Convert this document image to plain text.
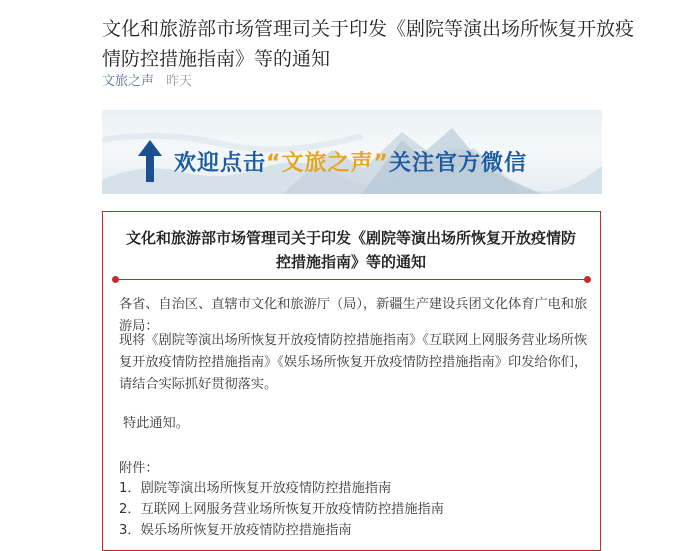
文化和旅游部市场管理司关于印发《剧院等演出场所恢复开放疫情防控措施指南》等的通知
文旅之声 昨天
欢迎点击“文旅之声”关注官方微信
文化和旅游部市场管理司关于印发《剧院等演出场所恢复开放疫情防控措施指南》等的通知

各省、自治区、直辖市文化和旅游厅（局），新疆生产建设兵团文化体育广电和旅游局：

现将《剧院等演出场所恢复开放疫情防控措施指南》《互联网上网服务营业场所恢复开放疫情防控措施指南》《娱乐场所恢复开放疫情防控措施指南》印发给你们，请结合实际抓好贯彻落实。

特此通知。

附件：

1．剧院等演出场所恢复开放疫情防控措施指南
2．互联网上网服务营业场所恢复开放疫情防控措施指南
3．娱乐场所恢复开放疫情防控措施指南
